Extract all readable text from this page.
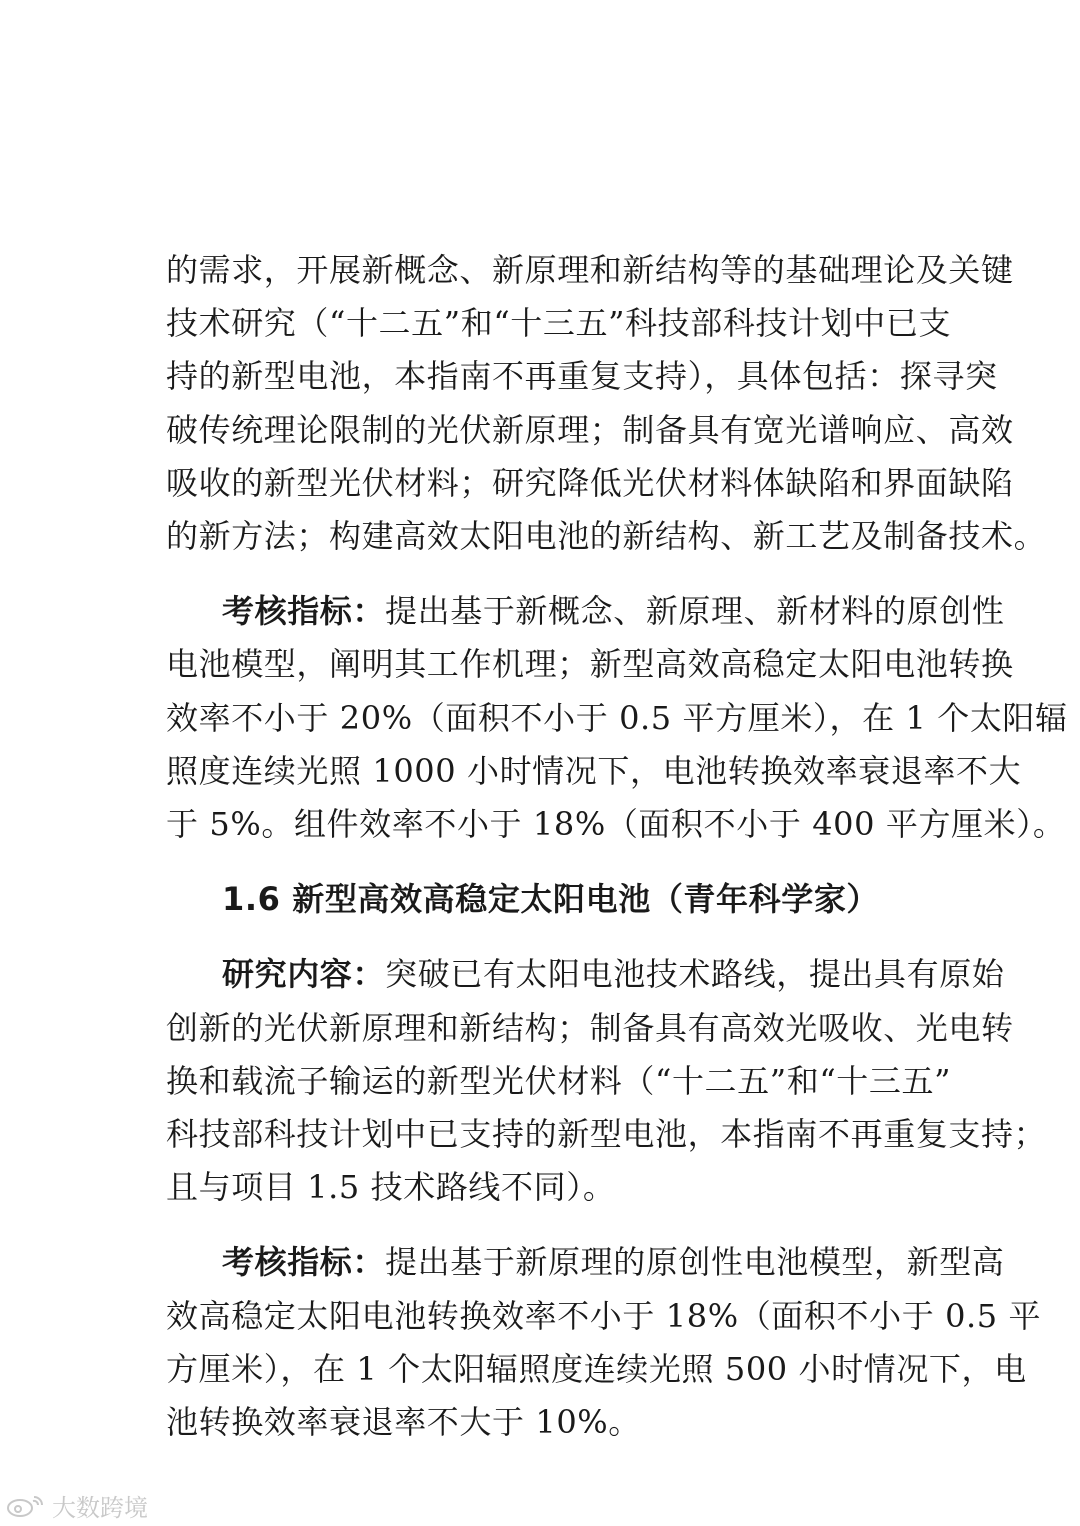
的需求，开展新概念、新原理和新结构等的基础理论及关键
技术研究（“十二五”和“十三五”科技部科技计划中已支
持的新型电池，本指南不再重复支持），具体包括：探寻突
破传统理论限制的光伏新原理；制备具有宽光谱响应、高效
吸收的新型光伏材料；研究降低光伏材料体缺陷和界面缺陷
的新方法；构建高效太阳电池的新结构、新工艺及制备技术。
考核指标：提出基于新概念、新原理、新材料的原创性
电池模型，阐明其工作机理；新型高效高稳定太阳电池转换
效率不小于 20%（面积不小于 0.5 平方厘米），在 1 个太阳辐
照度连续光照 1000 小时情况下，电池转换效率衰退率不大
于 5%。组件效率不小于 18%（面积不小于 400 平方厘米）。
1.6 新型高效高稳定太阳电池（青年科学家）
研究内容：突破已有太阳电池技术路线，提出具有原始
创新的光伏新原理和新结构；制备具有高效光吸收、光电转
换和载流子输运的新型光伏材料（“十二五”和“十三五”
科技部科技计划中已支持的新型电池，本指南不再重复支持；
且与项目 1.5 技术路线不同）。
考核指标：提出基于新原理的原创性电池模型，新型高
效高稳定太阳电池转换效率不小于 18%（面积不小于 0.5 平
方厘米），在 1 个太阳辐照度连续光照 500 小时情况下，电
池转换效率衰退率不大于 10%。
大数跨境
